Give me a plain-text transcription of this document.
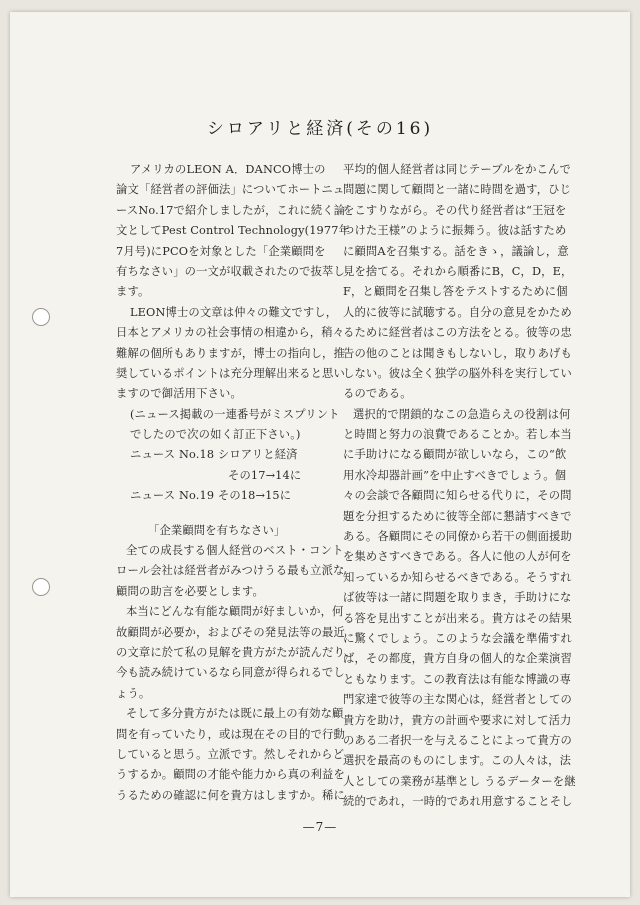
シロアリと経済(その16)
アメリカのLEON A．DANCO博士の
論文「経営者の評価法」についてホートニュ
ースNo.17で紹介しましたが，これに続く論
文としてPest Control Technology(1977年
7月号)にPCOを対象とした「企業顧問を
有ちなさい」の一文が収載されたので抜萃し
ます。
LEON博士の文章は仲々の難文ですし，
日本とアメリカの社会事情の相違から，稍々
難解の個所もありますが，博士の指向し，推
奨しているポイントは充分理解出来ると思い
ますので御活用下さい。
(ニュース掲載の一連番号がミスプリント
でしたので次の如く訂正下さい。)
ニュース No.18 シロアリと経済
その17→14に
ニュース No.19 その18→15に
「企業顧問を有ちなさい」
全ての成長する個人経営のベスト・コント
ロール会社は経営者がみつけうる最も立派な
顧問の助言を必要とします。
本当にどんな有能な顧問が好ましいか，何
故顧問が必要か，およびその発見法等の最近
の文章に於て私の見解を貴方がたが読んだり，
今も読み続けているなら同意が得られるでし
ょう。
そして多分貴方がたは既に最上の有効な顧
問を有っていたり，或は現在その目的で行動
していると思う。立派です。然しそれからど
うするか。顧問の才能や能力から真の利益を
うるための確認に何を貴方はしますか。稀に
平均的個人経営者は同じテーブルをかこんで
問題に関して顧問と一諸に時間を過す，ひじ
をこすりながら。その代り経営者は“王冠を
つけた王様”のように振舞う。彼は話すため
に顧問Aを召集する。話をきゝ，議論し，意
見を捨てる。それから順番にB，C，D，E，
F，と顧問を召集し答をテストするために個
人的に彼等に試聴する。自分の意見をかため
るために経営者はこの方法をとる。彼等の忠
告の他のことは聞きもしないし，取りあげも
しない。彼は全く独学の脳外科を実行してい
るのである。
選択的で閉鎖的なこの急造らえの役割は何
と時間と努力の浪費であることか。若し本当
に手助けになる顧問が欲しいなら，この“飲
用水冷却器計画”を中止すべきでしょう。個
々の会談で各顧問に知らせる代りに，その問
題を分担するために彼等全部に懇請すべきで
ある。各顧問にその同僚から若干の側面援助
を集めさすべきである。各人に他の人が何を
知っているか知らせるべきである。そうすれ
ば彼等は一諸に問題を取りまき，手助けにな
る答を見出すことが出来る。貴方はその結果
に驚くでしょう。このような会議を準備すれ
ば，その都度，貴方自身の個人的な企業演習
ともなります。この教育法は有能な博識の専
門家達で彼等の主な関心は，経営者としての
貴方を助け，貴方の計画や要求に対して活力
のある二者択一を与えることによって貴方の
選択を最高のものにします。この人々は，法
人としての業務が基準とし うるデーターを継
続的であれ，一時的であれ用意することそし
—7—
